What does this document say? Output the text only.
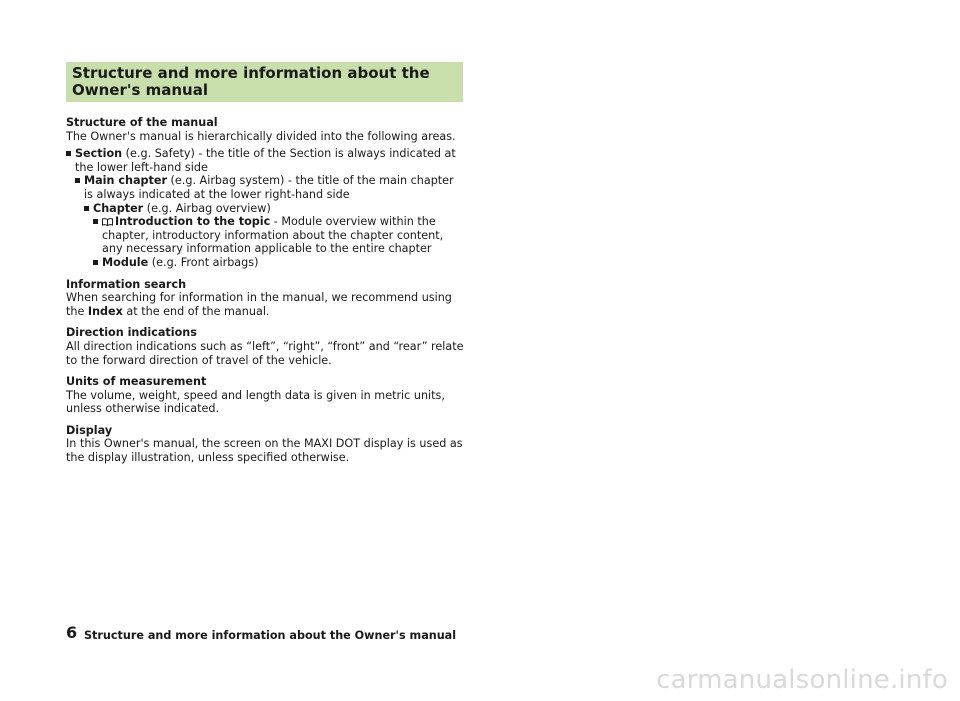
Structure and more information about the Owner's manual
Structure of the manual
The Owner's manual is hierarchically divided into the following areas.
Section (e.g. Safety) - the title of the Section is always indicated at the lower left-hand side
Main chapter (e.g. Airbag system) - the title of the main chapter is always indicated at the lower right-hand side
Chapter (e.g. Airbag overview)
Introduction to the topic - Module overview within the chapter, introductory information about the chapter content, any necessary information applicable to the entire chapter
Module (e.g. Front airbags)
Information search
When searching for information in the manual, we recommend using the Index at the end of the manual.
Direction indications
All direction indications such as “left”, “right”, “front” and “rear” relate to the forward direction of travel of the vehicle.
Units of measurement
The volume, weight, speed and length data is given in metric units, unless otherwise indicated.
Display
In this Owner's manual, the screen on the MAXI DOT display is used as the display illustration, unless specified otherwise.
6 Structure and more information about the Owner's manual
carmanualsonline.info
